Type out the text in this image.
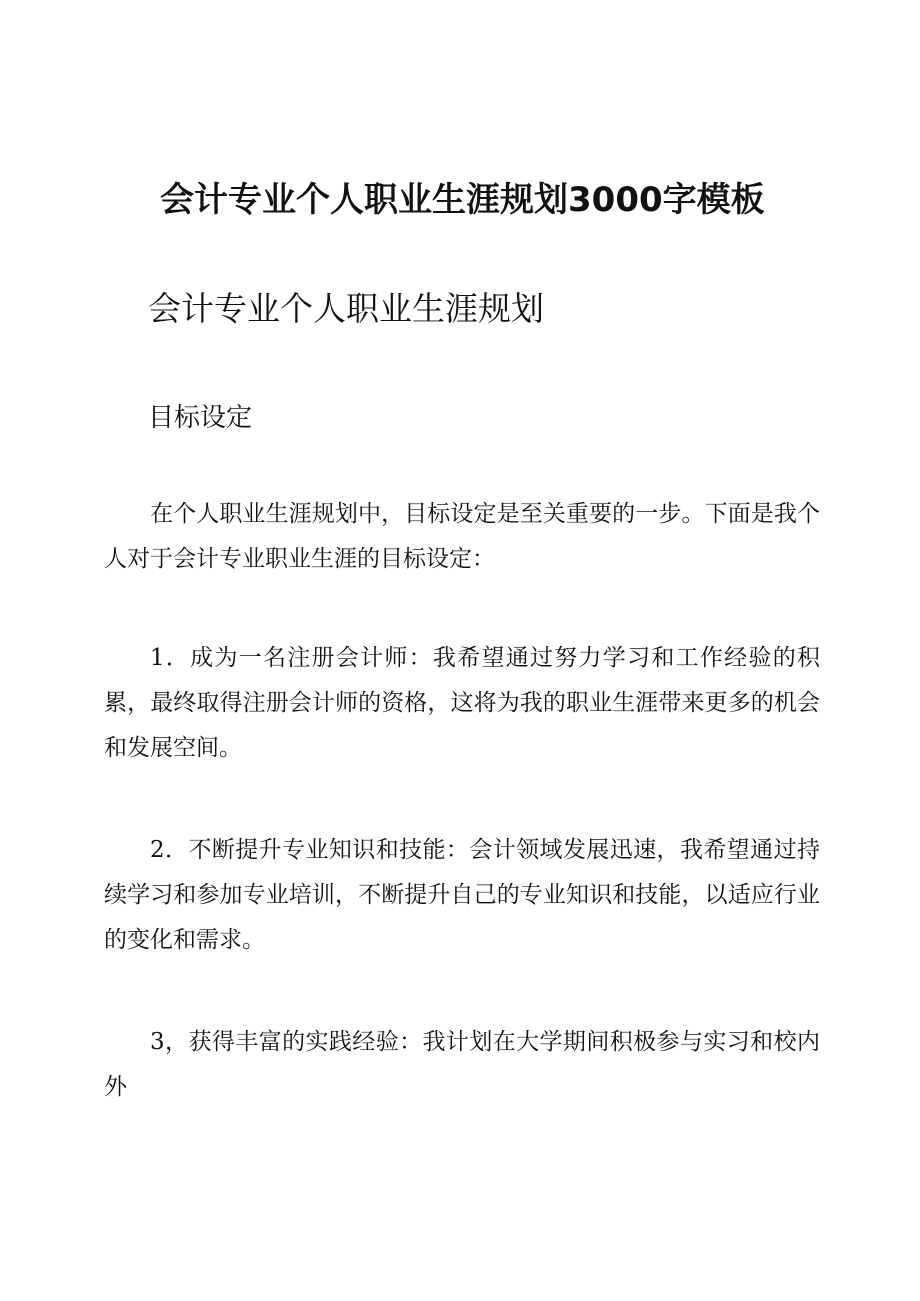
会计专业个人职业生涯规划3000字模板
会计专业个人职业生涯规划
目标设定

在个人职业生涯规划中，目标设定是至关重要的一步。下面是我个人对于会计专业职业生涯的目标设定：

1．成为一名注册会计师：我希望通过努力学习和工作经验的积累，最终取得注册会计师的资格，这将为我的职业生涯带来更多的机会和发展空间。

2．不断提升专业知识和技能：会计领域发展迅速，我希望通过持续学习和参加专业培训，不断提升自己的专业知识和技能，以适应行业的变化和需求。

3，获得丰富的实践经验：我计划在大学期间积极参与实习和校内外
